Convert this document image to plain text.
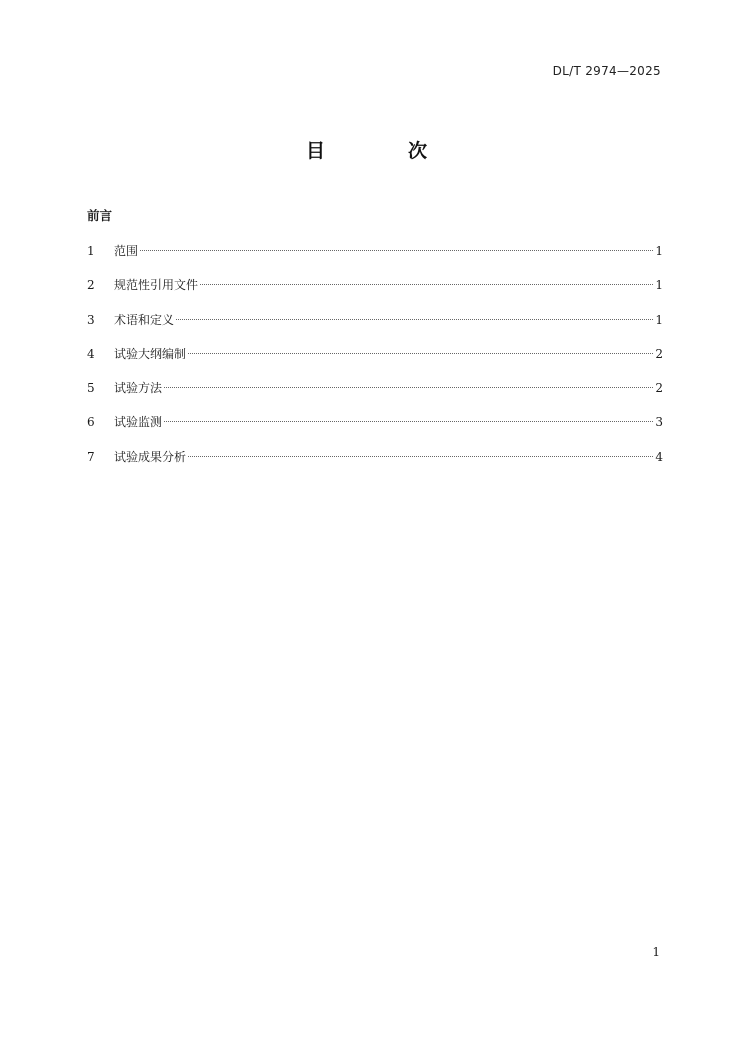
DL/T 2974—2025
目　次
前言
1	范围	1
2	规范性引用文件	1
3	术语和定义	1
4	试验大纲编制	2
5	试验方法	2
6	试验监测	3
7	试验成果分析	4
1
